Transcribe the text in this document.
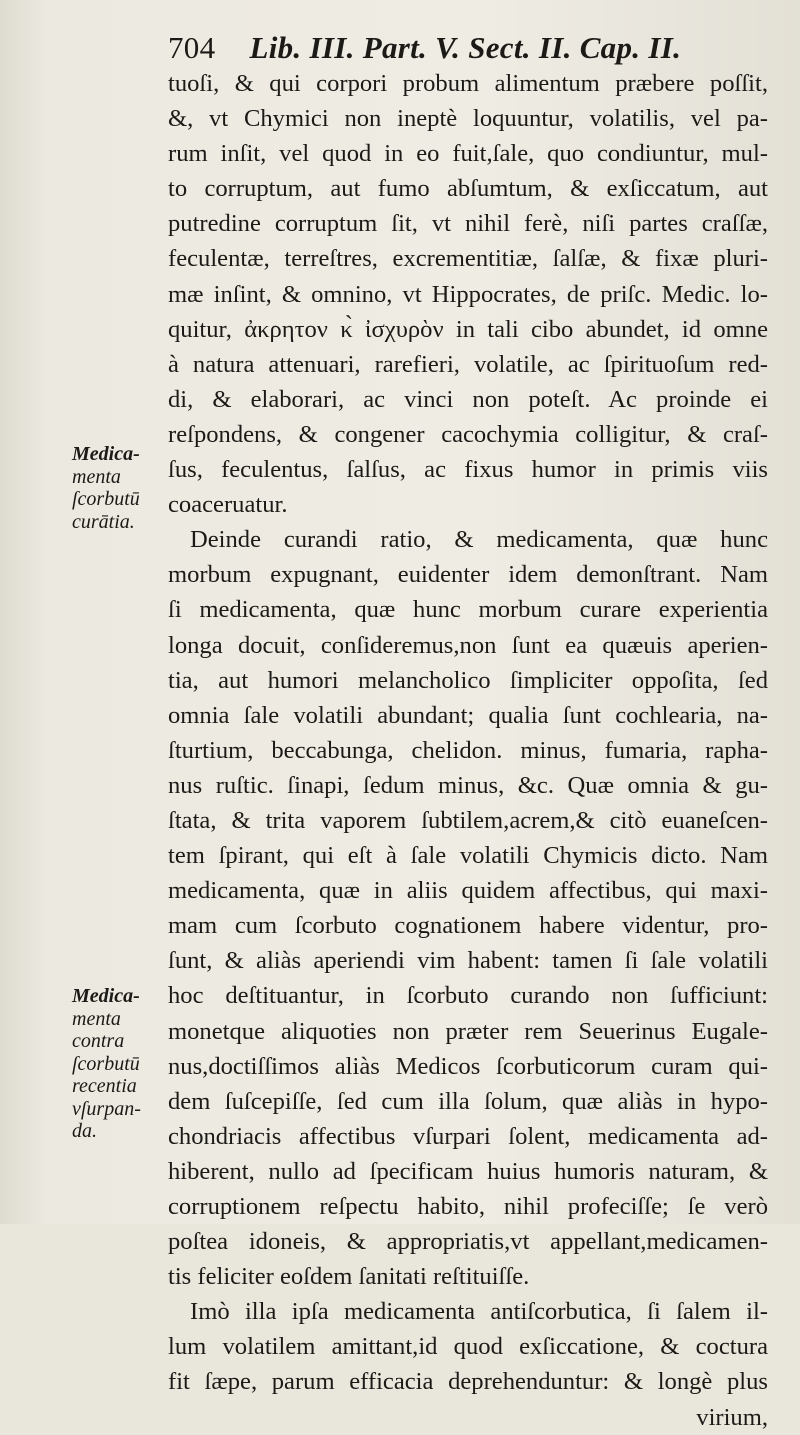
704 Lib. III. Part. V. Sect. II. Cap. II.
Medica-
menta
ſcorbutū
curātia.
Medica-
menta
contra
ſcorbutū
recentia
vſurpan-
da.
tuoſi, & qui corpori probum alimentum præbere poſſit,
&, vt Chymici non ineptè loquuntur, volatilis, vel pa-
rum inſit, vel quod in eo fuit,ſale, quo condiuntur, mul-
to corruptum, aut fumo abſumtum, & exſiccatum, aut
putredine corruptum ſit, vt nihil ferè, niſi partes craſſæ,
feculentæ, terreſtres, excrementitiæ, ſalſæ, & fixæ pluri-
mæ inſint, & omnino, vt Hippocrates, de priſc. Medic. lo-
quitur, ἀκρητον κ̀ ἰσχυρὸν in tali cibo abundet, id omne
à natura attenuari, rarefieri, volatile, ac ſpirituoſum red-
di, & elaborari, ac vinci non poteſt. Ac proinde ei
reſpondens, & congener cacochymia colligitur, & craſ-
ſus, feculentus, ſalſus, ac fixus humor in primis viis
coaceruatur.
Deinde curandi ratio, & medicamenta, quæ hunc
morbum expugnant, euidenter idem demonſtrant. Nam
ſi medicamenta, quæ hunc morbum curare experientia
longa docuit, conſideremus,non ſunt ea quæuis aperien-
tia, aut humori melancholico ſimpliciter oppoſita, ſed
omnia ſale volatili abundant; qualia ſunt cochlearia, na-
ſturtium, beccabunga, chelidon. minus, fumaria, rapha-
nus ruſtic. ſinapi, ſedum minus, &c. Quæ omnia & gu-
ſtata, & trita vaporem ſubtilem,acrem,& citò euaneſcen-
tem ſpirant, qui eſt à ſale volatili Chymicis dicto. Nam
medicamenta, quæ in aliis quidem affectibus, qui maxi-
mam cum ſcorbuto cognationem habere videntur, pro-
ſunt, & aliàs aperiendi vim habent: tamen ſi ſale volatili
hoc deſtituantur, in ſcorbuto curando non ſufficiunt:
monetque aliquoties non præter rem Seuerinus Eugale-
nus,doctiſſimos aliàs Medicos ſcorbuticorum curam qui-
dem ſuſcepiſſe, ſed cum illa ſolum, quæ aliàs in hypo-
chondriacis affectibus vſurpari ſolent, medicamenta ad-
hiberent, nullo ad ſpecificam huius humoris naturam, &
corruptionem reſpectu habito, nihil profeciſſe; ſe verò
poſtea idoneis, & appropriatis,vt appellant,medicamen-
tis feliciter eoſdem ſanitati reſtituiſſe.
Imò illa ipſa medicamenta antiſcorbutica, ſi ſalem il-
lum volatilem amittant,id quod exſiccatione, & coctura
fit ſæpe, parum efficacia deprehenduntur: & longè plus
virium,
